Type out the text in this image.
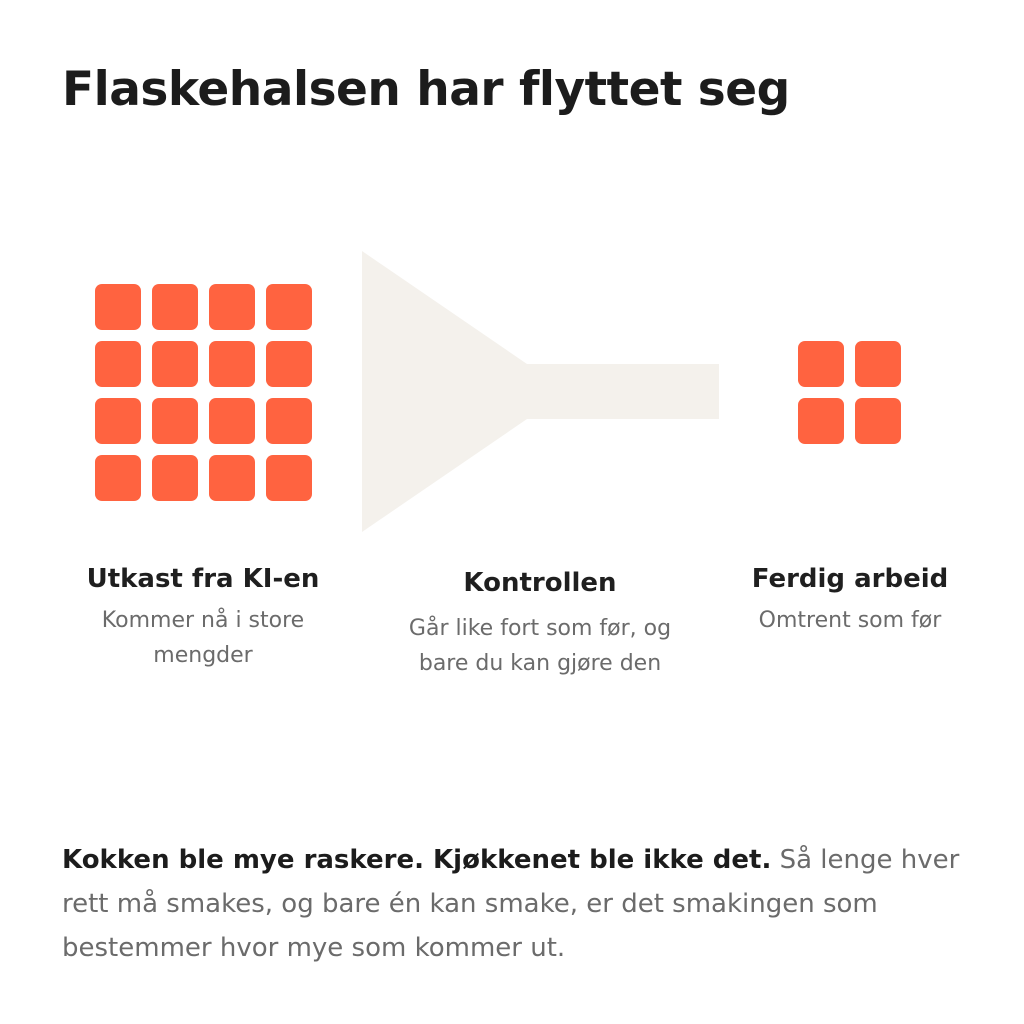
Flaskehalsen har flyttet seg
Utkast fra KI-en
Kommer nå i store
mengder
Kontrollen
Går like fort som før, og
bare du kan gjøre den
Ferdig arbeid
Omtrent som før

Kokken ble mye raskere. Kjøkkenet ble ikke det. Så lenge hver rett må smakes, og bare én kan smake, er det smakingen som bestemmer hvor mye som kommer ut.
